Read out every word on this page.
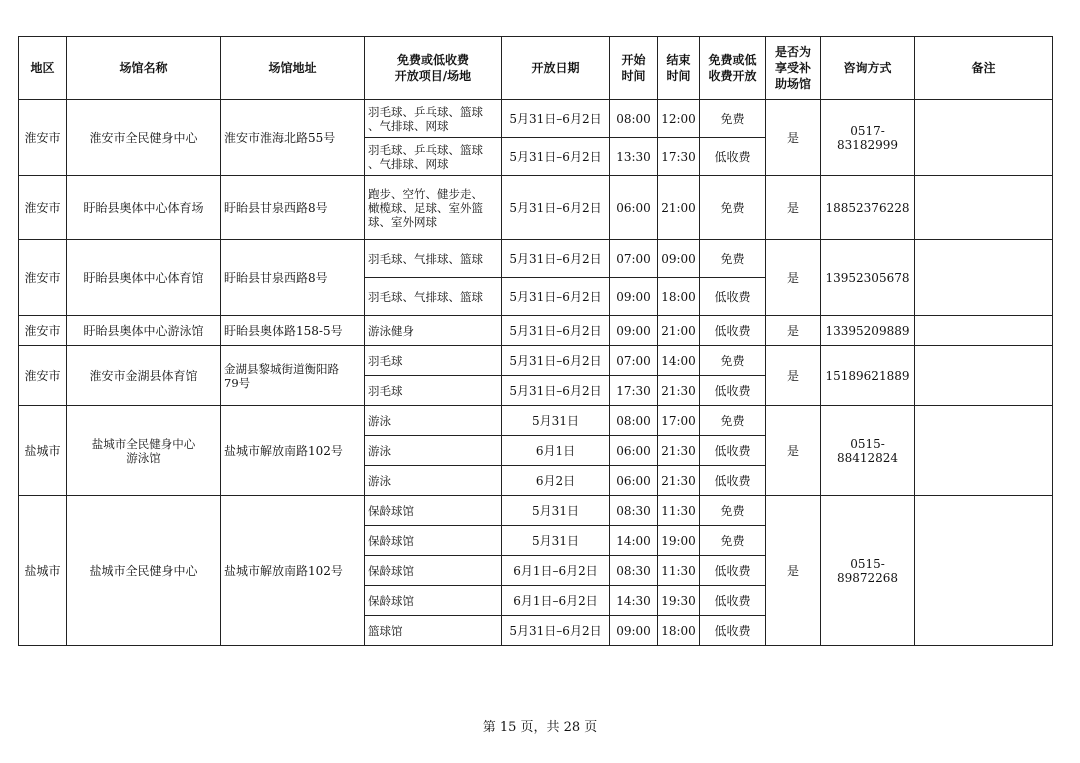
地区	场馆名称	场馆地址	免费或低收费
开放项目/场地	开放日期	开始
时间	结束
时间	免费或低
收费开放	是否为
享受补
助场馆	咨询方式	备注
淮安市	淮安市全民健身中心	淮安市淮海北路55号	羽毛球、乒乓球、篮球
、气排球、网球	5月31日–6月2日	08:00	12:00	免费	是	0517-83182999	
			羽毛球、乒乓球、篮球
、气排球、网球	5月31日–6月2日	13:30	17:30	低收费			
淮安市	盱眙县奥体中心体育场	盱眙县甘泉西路8号	跑步、空竹、健步走、
橄榄球、足球、室外篮
球、室外网球	5月31日–6月2日	06:00	21:00	免费	是	18852376228	
淮安市	盱眙县奥体中心体育馆	盱眙县甘泉西路8号	羽毛球、气排球、篮球	5月31日–6月2日	07:00	09:00	免费	是	13952305678	
			羽毛球、气排球、篮球	5月31日–6月2日	09:00	18:00	低收费			
淮安市	盱眙县奥体中心游泳馆	盱眙县奥体路158-5号	游泳健身	5月31日–6月2日	09:00	21:00	低收费	是	13395209889	
淮安市	淮安市金湖县体育馆	金湖县黎城街道衡阳路
79号	羽毛球	5月31日–6月2日	07:00	14:00	免费	是	15189621889	
			羽毛球	5月31日–6月2日	17:30	21:30	低收费			
盐城市	盐城市全民健身中心
游泳馆	盐城市解放南路102号	游泳	5月31日	08:00	17:00	免费	是	0515-88412824	
			游泳	6月1日	06:00	21:30	低收费			
			游泳	6月2日	06:00	21:30	低收费			
盐城市	盐城市全民健身中心	盐城市解放南路102号	保龄球馆	5月31日	08:30	11:30	免费	是	0515-89872268	
			保龄球馆	5月31日	14:00	19:00	免费			
			保龄球馆	6月1日–6月2日	08:30	11:30	低收费			
			保龄球馆	6月1日–6月2日	14:30	19:30	低收费			
			篮球馆	5月31日–6月2日	09:00	18:00	低收费			
第 15 页，共 28 页
